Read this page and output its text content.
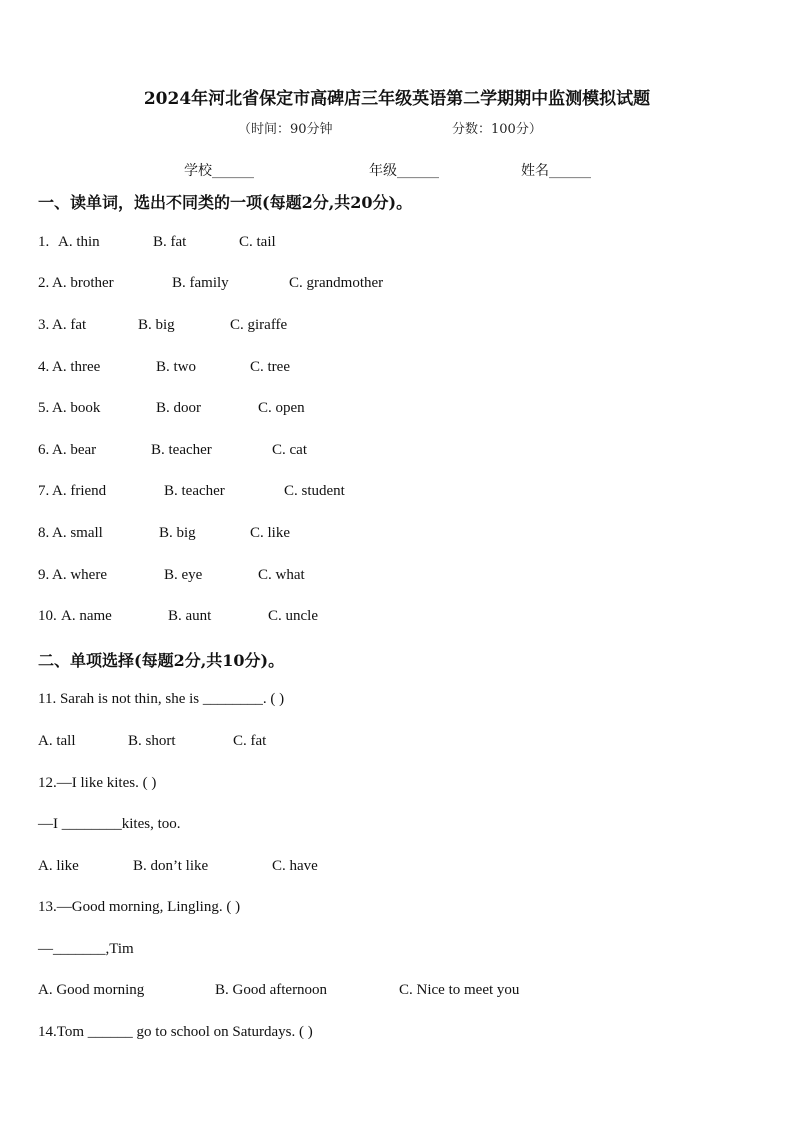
2024年河北省保定市高碑店三年级英语第二学期期中监测模拟试题
（时间：90分钟	分数：100分）
学校______	年级______	姓名______
一、读单词，选出不同类的一项(每题2分,共20分)。
1. A. thin	B. fat	C. tail
2. A. brother	B. family	C. grandmother
3. A. fat	B. big	C. giraffe
4. A. three	B. two	C. tree
5. A. book	B. door	C. open
6. A. bear	B. teacher	C. cat
7. A. friend	B. teacher	C. student
8. A. small	B. big	C. like
9. A. where	B. eye	C. what
10. A. name	B. aunt	C. uncle
二、单项选择(每题2分,共10分)。
11. Sarah is not thin, she is ________. ( )
A. tall	B. short	C. fat
12.—I like kites. ( )
—I ________kites, too.
A. like	B. don’t like	C. have
13.—Good morning, Lingling. ( )
—_______,Tim
A. Good morning	B. Good afternoon	C. Nice to meet you
14.Tom ______ go to school on Saturdays. ( )
